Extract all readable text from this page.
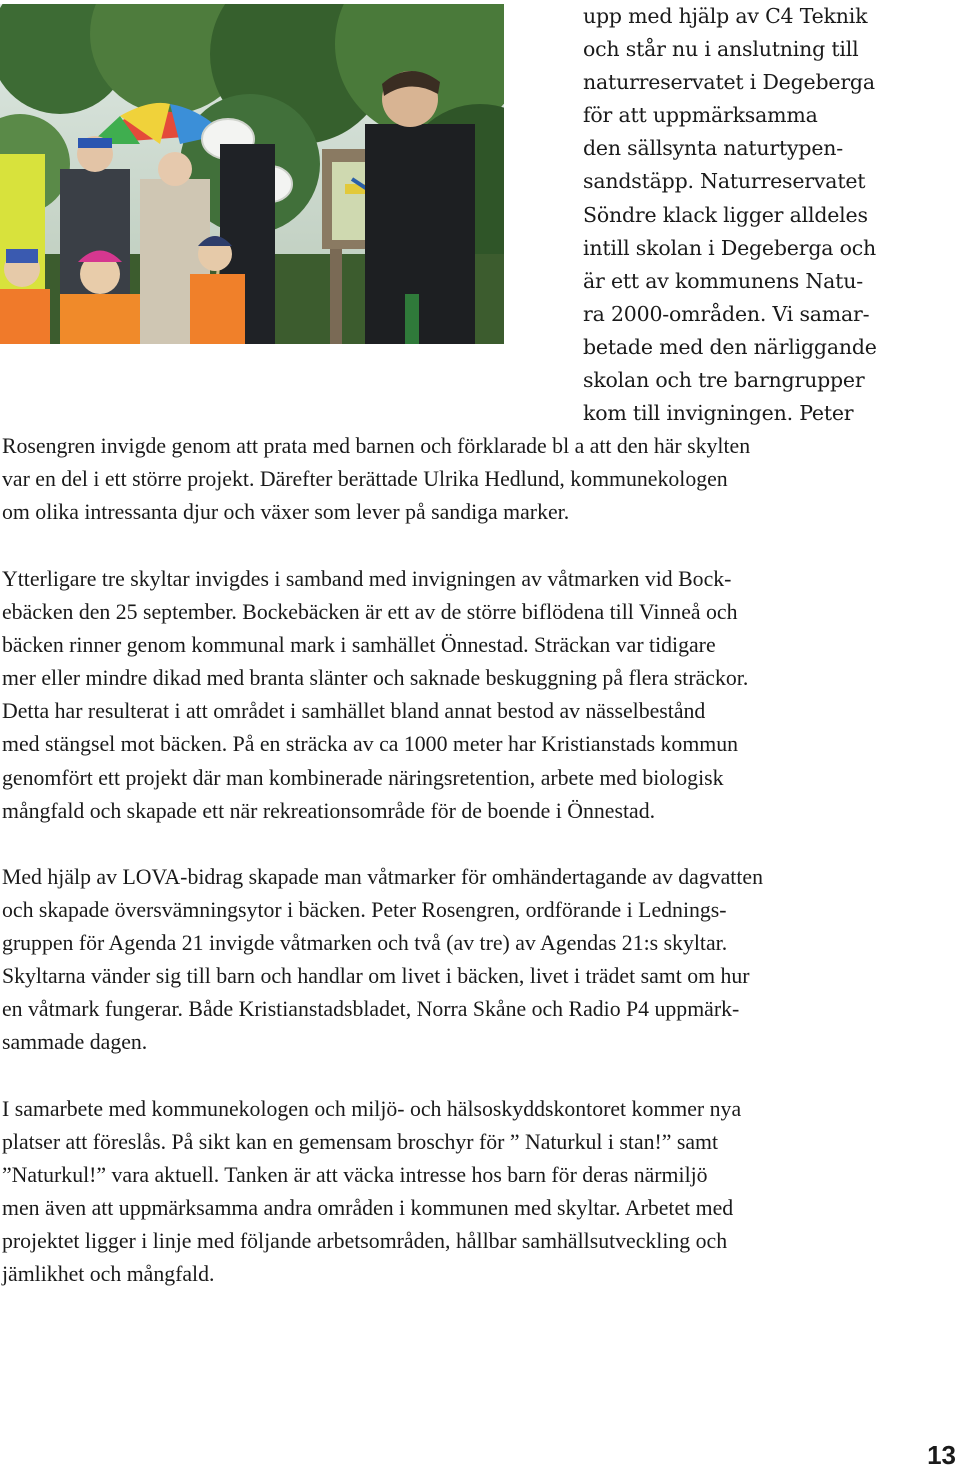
upp med hjälp av C4 Teknik
och står nu i anslutning till
naturreservatet i Degeberga
för att uppmärksamma
den sällsynta naturtypen-
sandstäpp. Naturreservatet
Söndre klack ligger alldeles
intill skolan i Degeberga och
är ett av kommunens Natu-
ra 2000-områden. Vi samar-
betade med den närliggande
skolan och tre barngrupper
kom till invigningen. Peter
Rosengren invigde genom att prata med barnen och förklarade bl a att den här skylten
var en del i ett större projekt. Därefter berättade Ulrika Hedlund, kommunekologen
om olika intressanta djur och växer som lever på sandiga marker.
Ytterligare tre skyltar invigdes i samband med invigningen av våtmarken vid Bock-
ebäcken den 25 september. Bockebäcken är ett av de större biflödena till Vinneå och
bäcken rinner genom kommunal mark i samhället Önnestad. Sträckan var tidigare
mer eller mindre dikad med branta slänter och saknade beskuggning på flera sträckor.
Detta har resulterat i att området i samhället bland annat bestod av nässelbestånd
med stängsel mot bäcken. På en sträcka av ca 1000 meter har Kristianstads kommun
genomfört ett projekt där man kombinerade näringsretention, arbete med biologisk
mångfald och skapade ett när rekreationsområde för de boende i Önnestad.
Med hjälp av LOVA-bidrag skapade man våtmarker för omhändertagande av dagvatten
och skapade översvämningsytor i bäcken. Peter Rosengren, ordförande i Lednings-
gruppen för Agenda 21 invigde våtmarken och två (av tre) av Agendas 21:s skyltar.
Skyltarna vänder sig till barn och handlar om livet i bäcken, livet i trädet samt om hur
en våtmark fungerar. Både Kristianstadsbladet, Norra Skåne och Radio P4 uppmärk-
sammade dagen.
I samarbete med kommunekologen och miljö- och hälsoskyddskontoret kommer nya
platser att föreslås. På sikt kan en gemensam broschyr för ” Naturkul i stan!” samt
”Naturkul!” vara aktuell. Tanken är att väcka intresse hos barn för deras närmiljö
men även att uppmärksamma andra områden i kommunen med skyltar. Arbetet med
projektet ligger i linje med följande arbetsområden, hållbar samhällsutveckling och
jämlikhet och mångfald.
13
